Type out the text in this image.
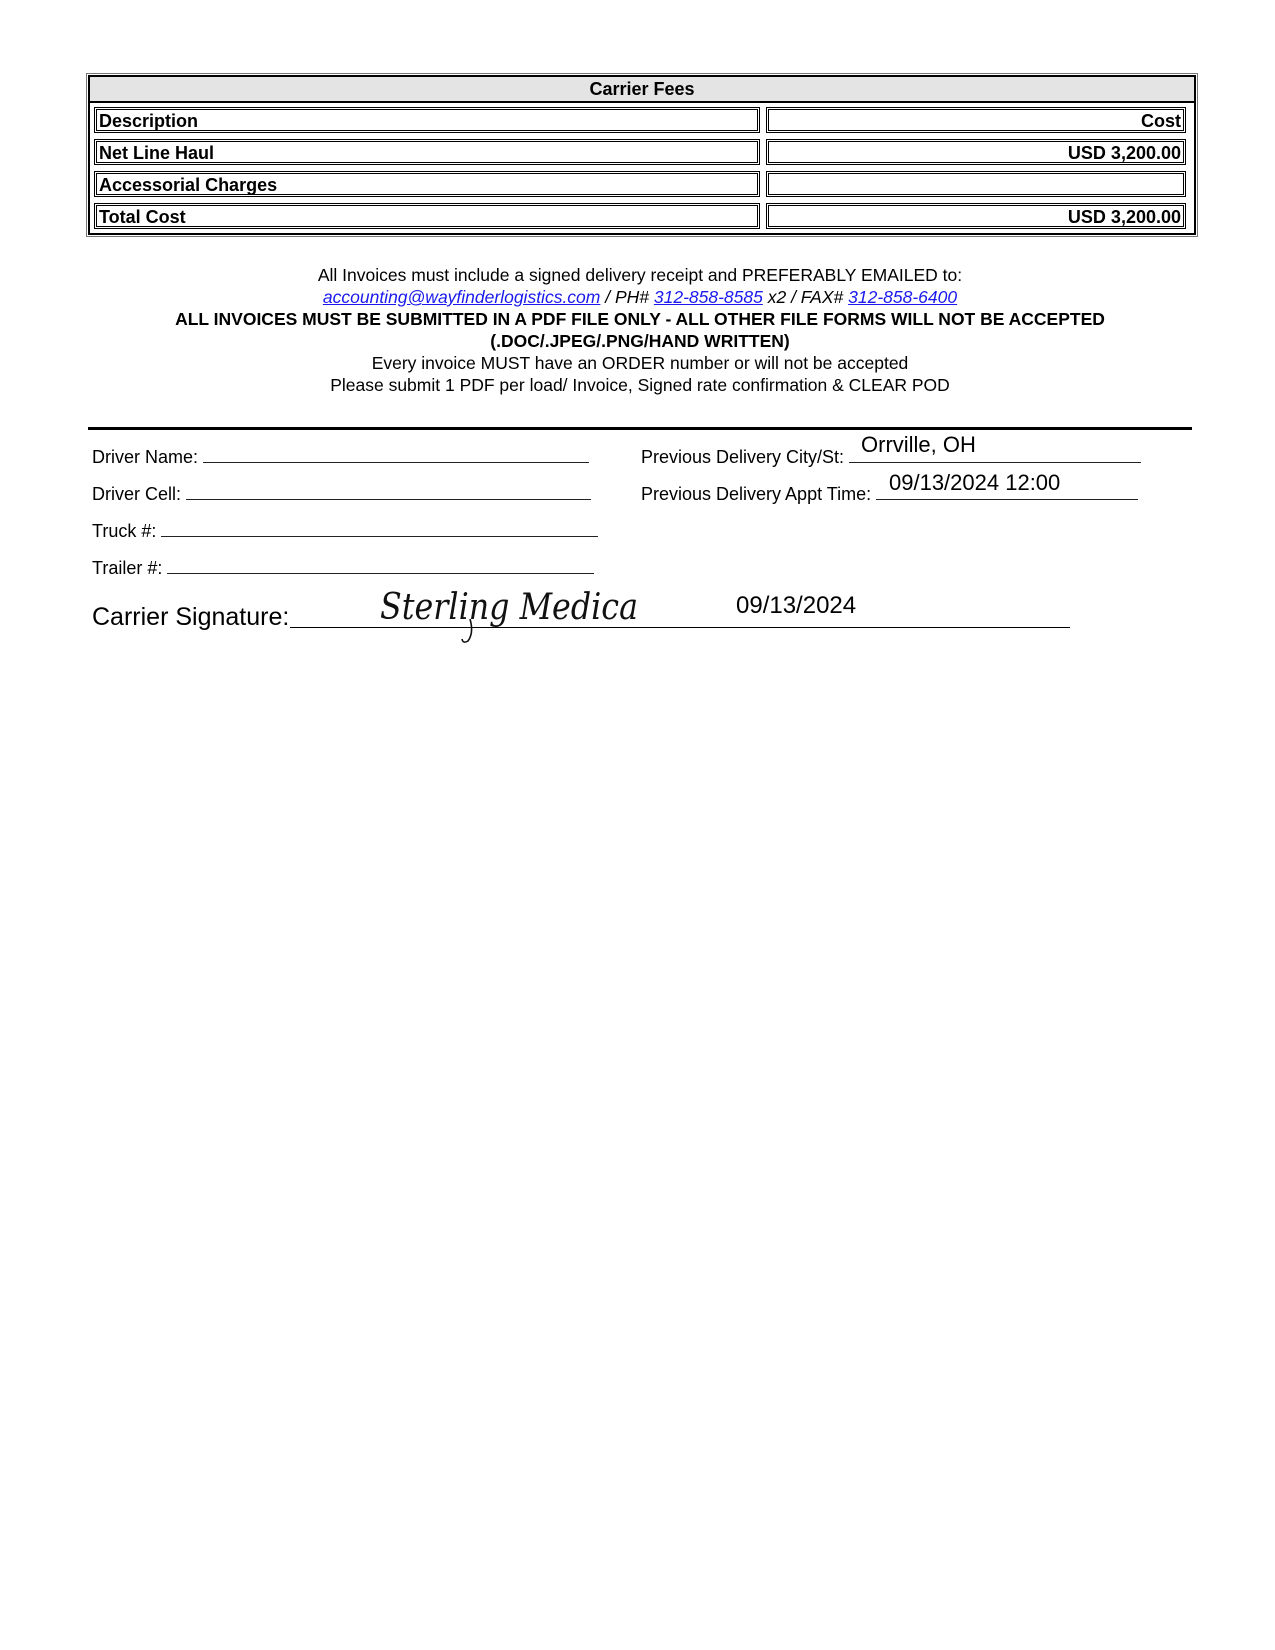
Carrier Fees
Description	Cost
Net Line Haul	USD 3,200.00
Accessorial Charges
Total Cost	USD 3,200.00
All Invoices must include a signed delivery receipt and PREFERABLY EMAILED to:
accounting@wayfinderlogistics.com / PH# 312-858-8585 x2 / FAX# 312-858-6400
ALL INVOICES MUST BE SUBMITTED IN A PDF FILE ONLY - ALL OTHER FILE FORMS WILL NOT BE ACCEPTED
(.DOC/.JPEG/.PNG/HAND WRITTEN)
Every invoice MUST have an ORDER number or will not be accepted
Please submit 1 PDF per load/ Invoice, Signed rate confirmation & CLEAR POD
Driver Name:
Driver Cell:
Truck #:
Trailer #:
Previous Delivery City/St: Orrville, OH
Previous Delivery Appt Time: 09/13/2024 12:00
Carrier Signature:	Sterling Medica	09/13/2024
